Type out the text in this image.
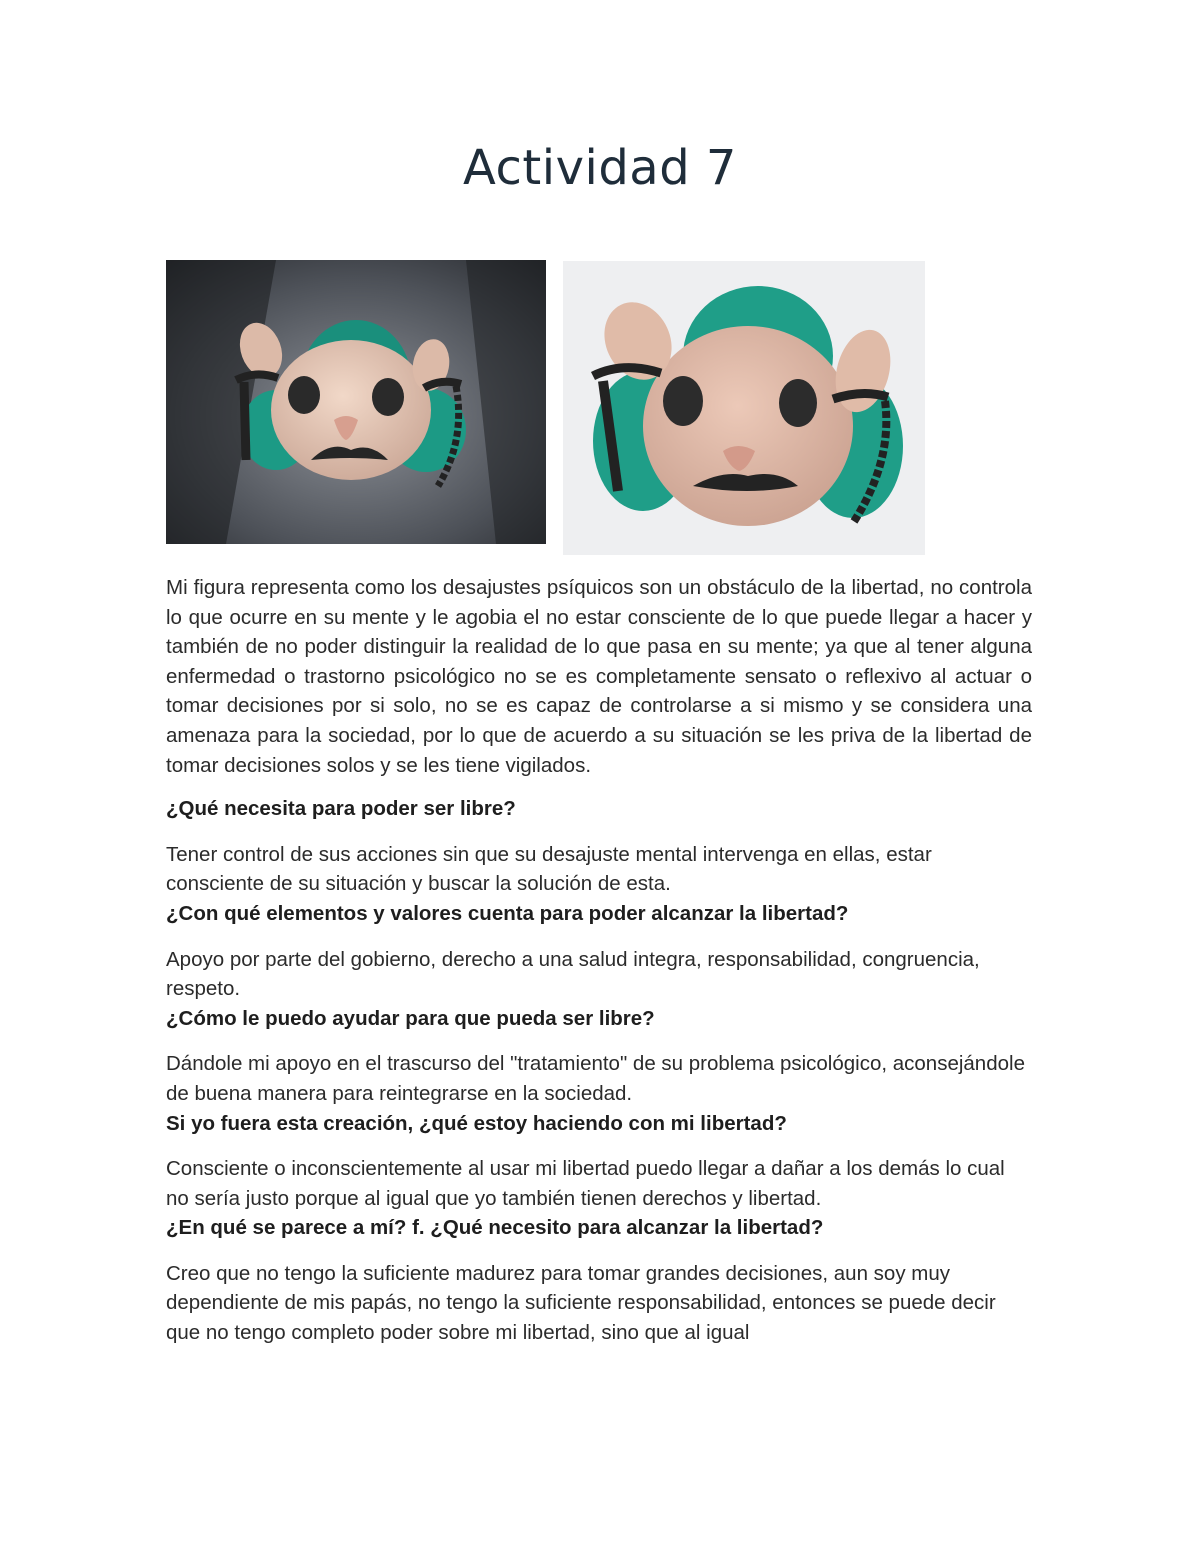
Actividad 7

Mi figura representa como los desajustes psíquicos son un obstáculo de la libertad, no controla lo que ocurre en su mente y le agobia el no estar consciente de lo que puede llegar a hacer y también de no poder distinguir la realidad de lo que pasa en su mente; ya que al tener alguna enfermedad o trastorno psicológico no se es completamente sensato o reflexivo al actuar o tomar decisiones por si solo, no se es capaz de controlarse a si mismo y se considera una amenaza para la sociedad, por lo que de acuerdo a su situación se les priva de la libertad de tomar decisiones solos y se les tiene vigilados.

¿Qué necesita para poder ser libre?

Tener control de sus acciones sin que su desajuste mental intervenga en ellas, estar consciente de su situación y buscar la solución de esta.

¿Con qué elementos y valores cuenta para poder alcanzar la libertad?

Apoyo por parte del gobierno, derecho a una salud integra, responsabilidad, congruencia, respeto.

¿Cómo le puedo ayudar para que pueda ser libre?

Dándole mi apoyo en el trascurso del "tratamiento" de su problema psicológico, aconsejándole de buena manera para reintegrarse en la sociedad.

Si yo fuera esta creación, ¿qué estoy haciendo con mi libertad?

Consciente o inconscientemente al usar mi libertad puedo llegar a dañar a los demás lo cual no sería justo porque al igual que yo también tienen derechos y libertad.

¿En qué se parece a mí? f. ¿Qué necesito para alcanzar la libertad?

Creo que no tengo la suficiente madurez para tomar grandes decisiones, aun soy muy dependiente de mis papás, no tengo la suficiente responsabilidad, entonces se puede decir que no tengo completo poder sobre mi libertad, sino que al igual
